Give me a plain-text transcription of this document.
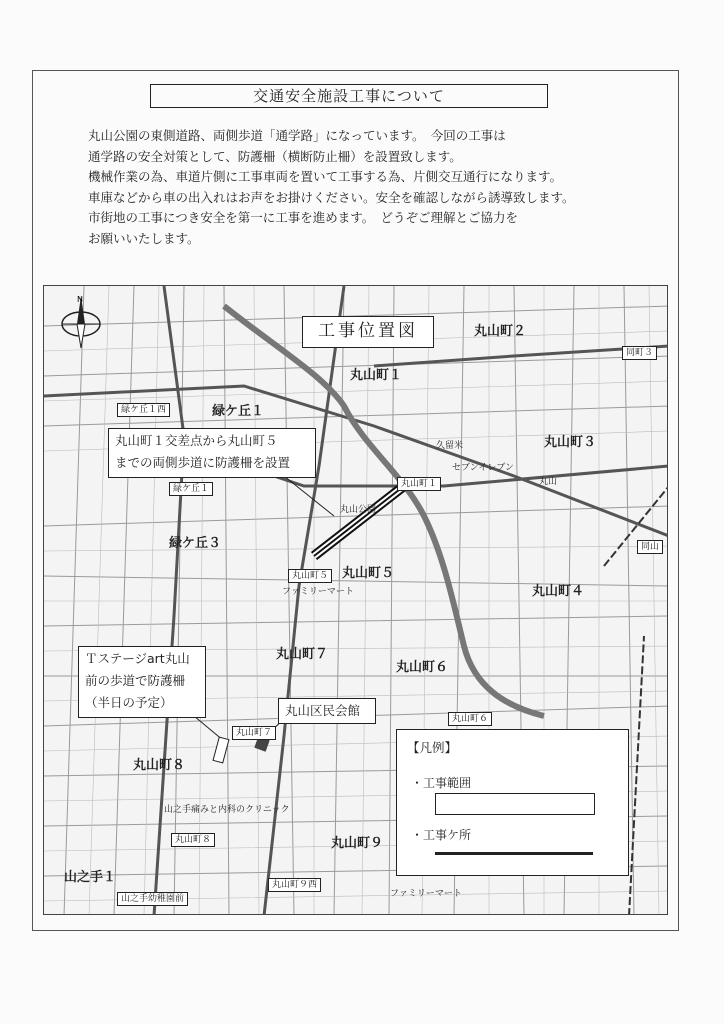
交通安全施設工事について
丸山公園の東側道路、両側歩道「通学路」になっています。　今回の工事は
通学路の安全対策として、防護柵（横断防止柵）を設置致します。
機械作業の為、車道片側に工事車両を置いて工事する為、片側交互通行になります。
車庫などから車の出入れはお声をお掛けください。安全を確認しながら誘導致します。
市街地の工事につき安全を第一に工事を進めます。　どうぞご理解とご協力を
お願いいたします。
N
工事位置図	丸山町２
丸山町１
緑ケ丘１
丸山町３
緑ケ丘３
丸山町５
丸山町４
丸山町７
丸山町６
丸山町８
丸山町９
山之手１
久留米
丸山公園
セブンイレブン
丸山
ファミリーマート
ファミリーマート
山之手痛みと内科のクリニック
同町３
緑ケ丘１西
丸山町１
緑ケ丘１
同山
丸山町５
丸山町６
丸山町７
丸山町８
丸山町９西
山之手幼稚園前
丸山町１交差点から丸山町５
までの両側歩道に防護柵を設置
Ｔステージart丸山
前の歩道で防護柵
（半日の予定）
丸山区民会館
【凡例】
・工事範囲
・工事ケ所
